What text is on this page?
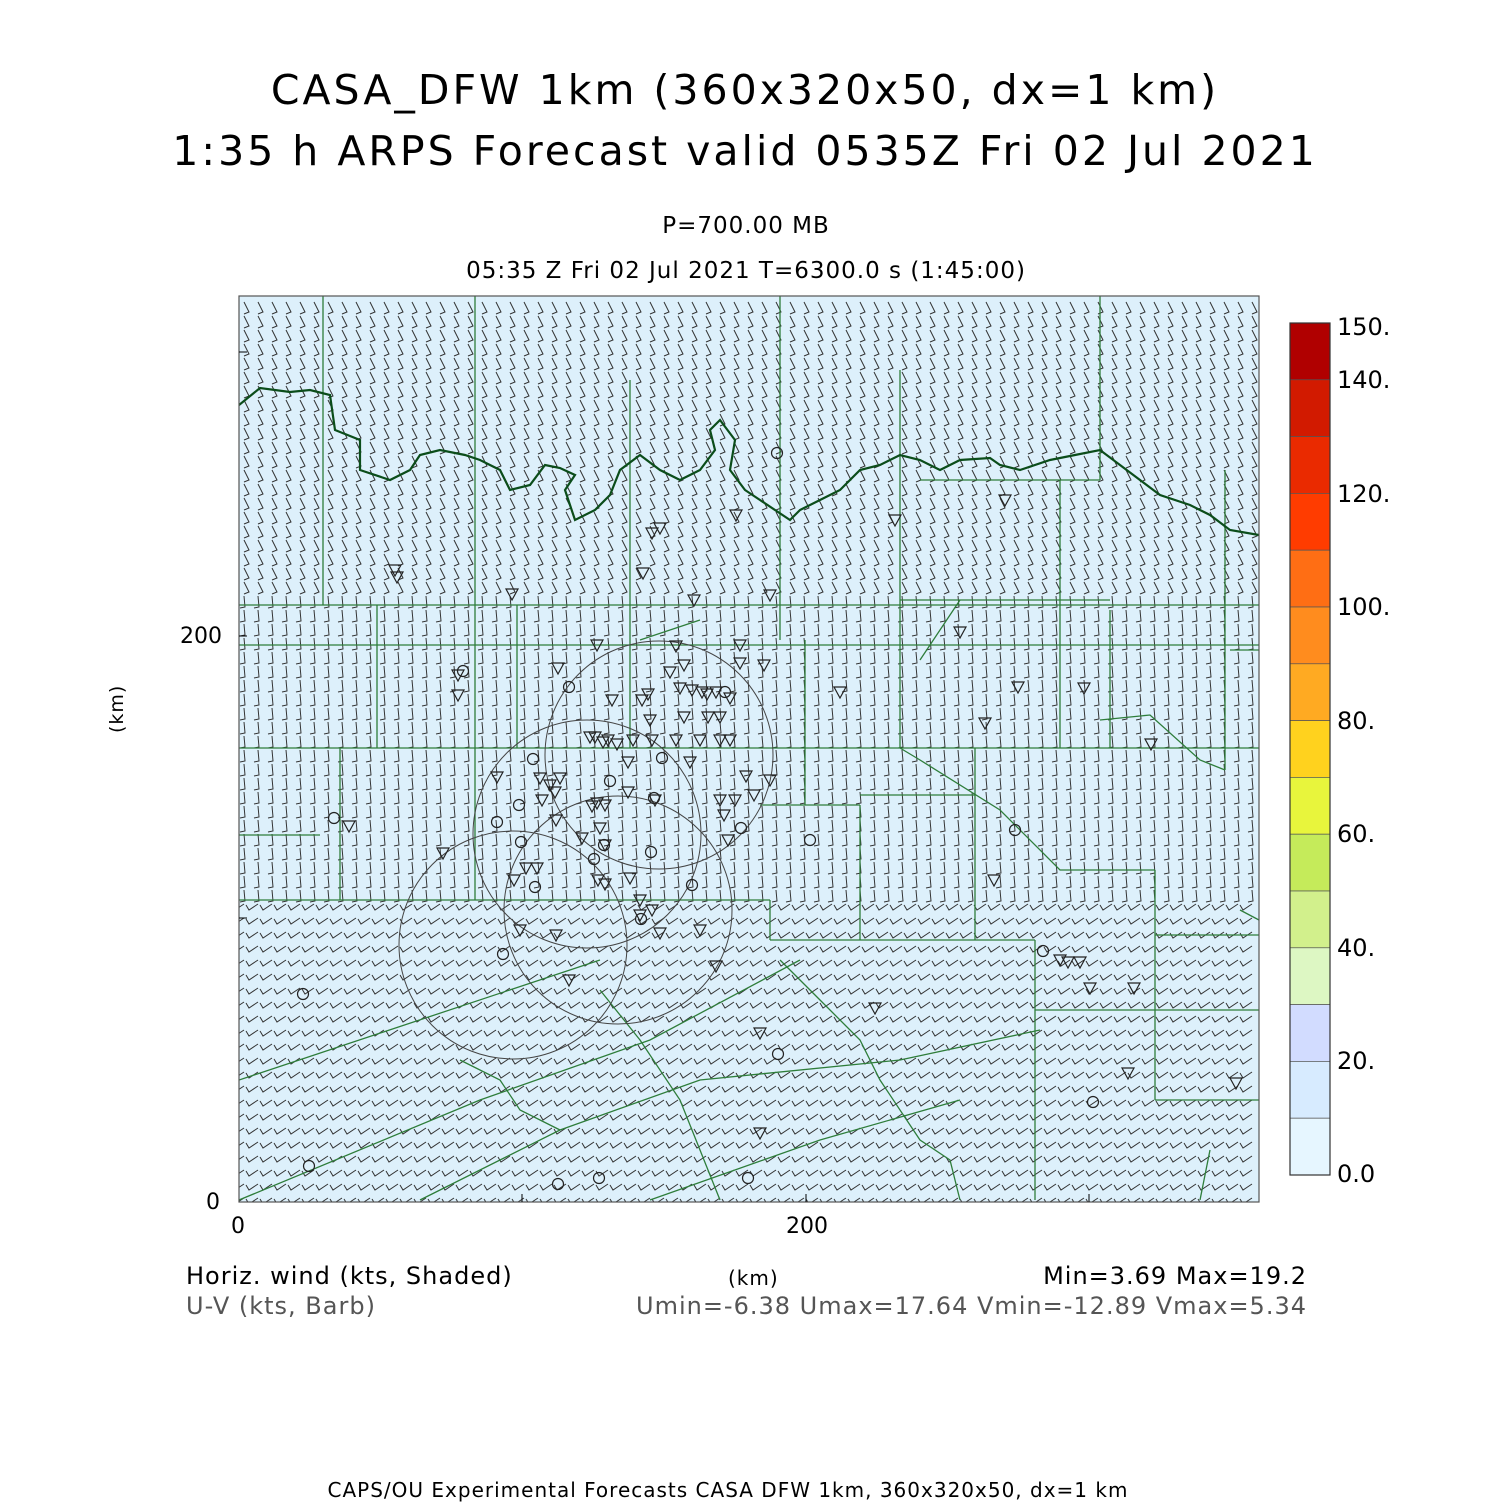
CASA_DFW 1km (360x320x50, dx=1 km)
1:35 h ARPS Forecast valid 0535Z Fri 02 Jul 2021
P=700.00 MB
05:35 Z Fri 02 Jul 2021 T=6300.0 s (1:45:00)
(km)
200
0
0	200
Horiz. wind (kts, Shaded)
U-V (kts, Barb)
(km)	Min=3.69 Max=19.2
Umin=-6.38 Umax=17.64 Vmin=-12.89 Vmax=5.34
150.
140.
120.
100.
80.
60.
40.
20.
0.0
CAPS/OU Experimental Forecasts CASA DFW 1km, 360x320x50, dx=1 km
